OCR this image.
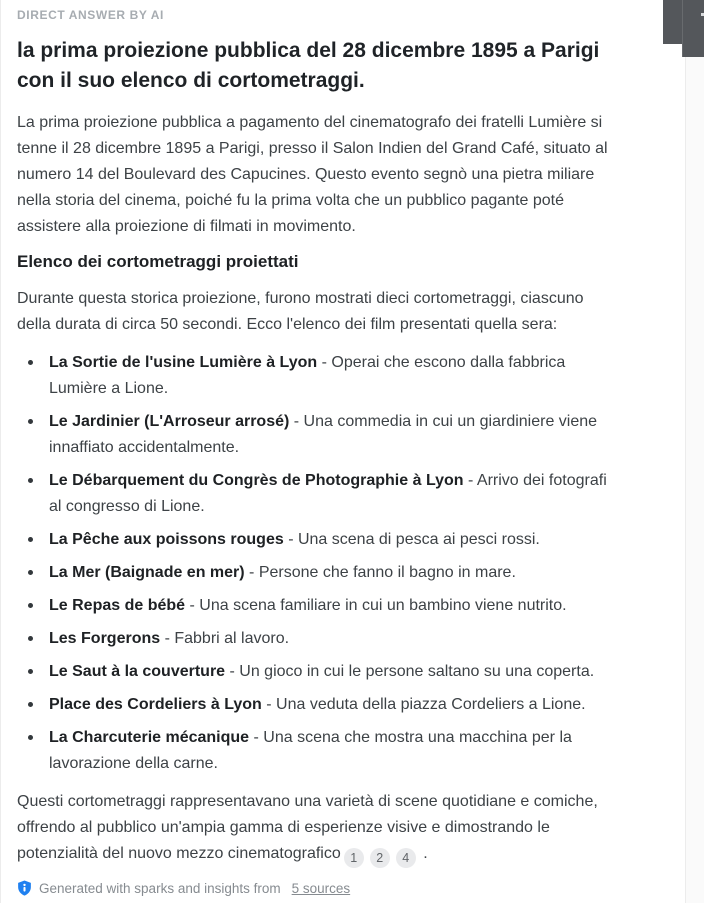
DIRECT ANSWER BY AI
la prima proiezione pubblica del 28 dicembre 1895 a Parigi con il suo elenco di cortometraggi.

La prima proiezione pubblica a pagamento del cinematografo dei fratelli Lumière si tenne il 28 dicembre 1895 a Parigi, presso il Salon Indien del Grand Café, situato al numero 14 del Boulevard des Capucines. Questo evento segnò una pietra miliare nella storia del cinema, poiché fu la prima volta che un pubblico pagante poté assistere alla proiezione di filmati in movimento.

Elenco dei cortometraggi proiettati

Durante questa storica proiezione, furono mostrati dieci cortometraggi, ciascuno della durata di circa 50 secondi. Ecco l'elenco dei film presentati quella sera:

La Sortie de l'usine Lumière à Lyon - Operai che escono dalla fabbrica Lumière a Lione.
Le Jardinier (L'Arroseur arrosé) - Una commedia in cui un giardiniere viene innaffiato accidentalmente.
Le Débarquement du Congrès de Photographie à Lyon - Arrivo dei fotografi al congresso di Lione.
La Pêche aux poissons rouges - Una scena di pesca ai pesci rossi.
La Mer (Baignade en mer) - Persone che fanno il bagno in mare.
Le Repas de bébé - Una scena familiare in cui un bambino viene nutrito.
Les Forgerons - Fabbri al lavoro.
Le Saut à la couverture - Un gioco in cui le persone saltano su una coperta.
Place des Cordeliers à Lyon - Una veduta della piazza Cordeliers a Lione.
La Charcuterie mécanique - Una scena che mostra una macchina per la lavorazione della carne.

Questi cortometraggi rappresentavano una varietà di scene quotidiane e comiche, offrendo al pubblico un'ampia gamma di esperienze visive e dimostrando le potenzialità del nuovo mezzo cinematografico 1 2 4 .

Generated with sparks and insights from 5 sources
